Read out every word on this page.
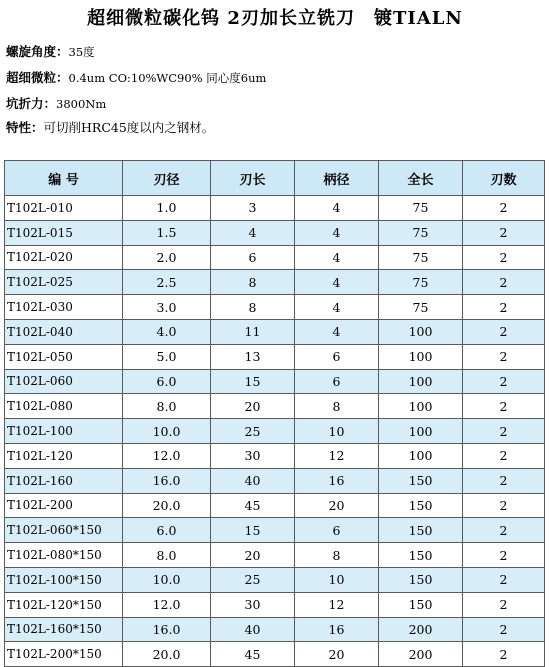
超细微粒碳化钨 2刃加长立铣刀　镀TIALN
螺旋角度：35度
超细微粒：0.4um CO:10%WC90% 同心度6um
坑折力：3800Nm
特性：可切削HRC45度以内之钢材。
编 号	刃径	刃长	柄径	全长	刃数
T102L-010	1.0	3	4	75	2
T102L-015	1.5	4	4	75	2
T102L-020	2.0	6	4	75	2
T102L-025	2.5	8	4	75	2
T102L-030	3.0	8	4	75	2
T102L-040	4.0	11	4	100	2
T102L-050	5.0	13	6	100	2
T102L-060	6.0	15	6	100	2
T102L-080	8.0	20	8	100	2
T102L-100	10.0	25	10	100	2
T102L-120	12.0	30	12	100	2
T102L-160	16.0	40	16	150	2
T102L-200	20.0	45	20	150	2
T102L-060*150	6.0	15	6	150	2
T102L-080*150	8.0	20	8	150	2
T102L-100*150	10.0	25	10	150	2
T102L-120*150	12.0	30	12	150	2
T102L-160*150	16.0	40	16	200	2
T102L-200*150	20.0	45	20	200	2
